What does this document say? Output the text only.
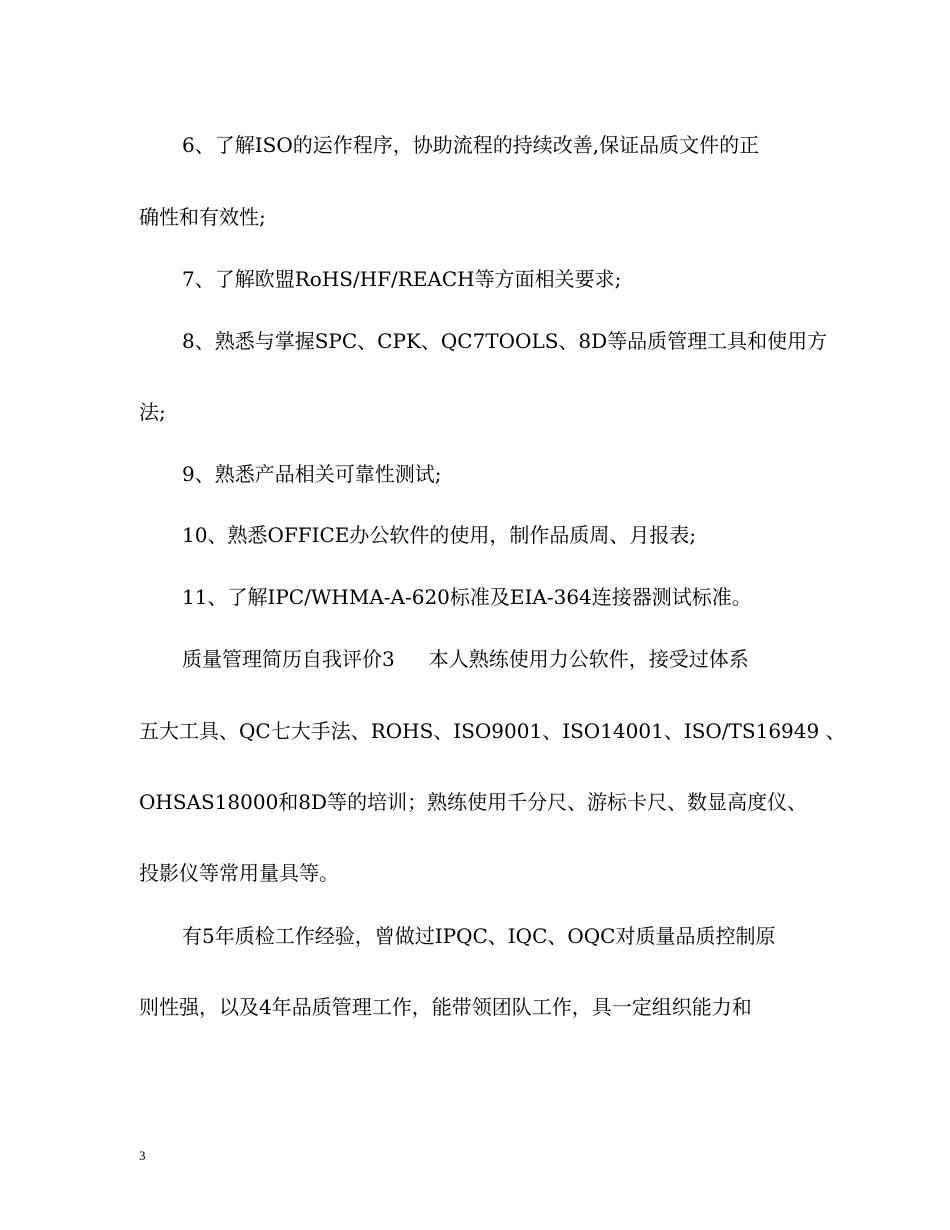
6、了解ISO的运作程序，协助流程的持续改善,保证品质文件的正

确性和有效性;

7、了解欧盟RoHS/HF/REACH等方面相关要求;

8、熟悉与掌握SPC、CPK、QC7TOOLS、8D等品质管理工具和使用方

法;

9、熟悉产品相关可靠性测试;

10、熟悉OFFICE办公软件的使用，制作品质周、月报表;

11、了解IPC/WHMA-A-620标准及EIA-364连接器测试标准。

质量管理简历自我评价3 本人熟练使用力公软件，接受过体系

五大工具、QC七大手法、ROHS、ISO9001、ISO14001、ISO/TS16949 、

OHSAS18000和8D等的培训；熟练使用千分尺、游标卡尺、数显高度仪、

投影仪等常用量具等。

有5年质检工作经验，曾做过IPQC、IQC、OQC对质量品质控制原

则性强，以及4年品质管理工作，能带领团队工作，具一定组织能力和

3
